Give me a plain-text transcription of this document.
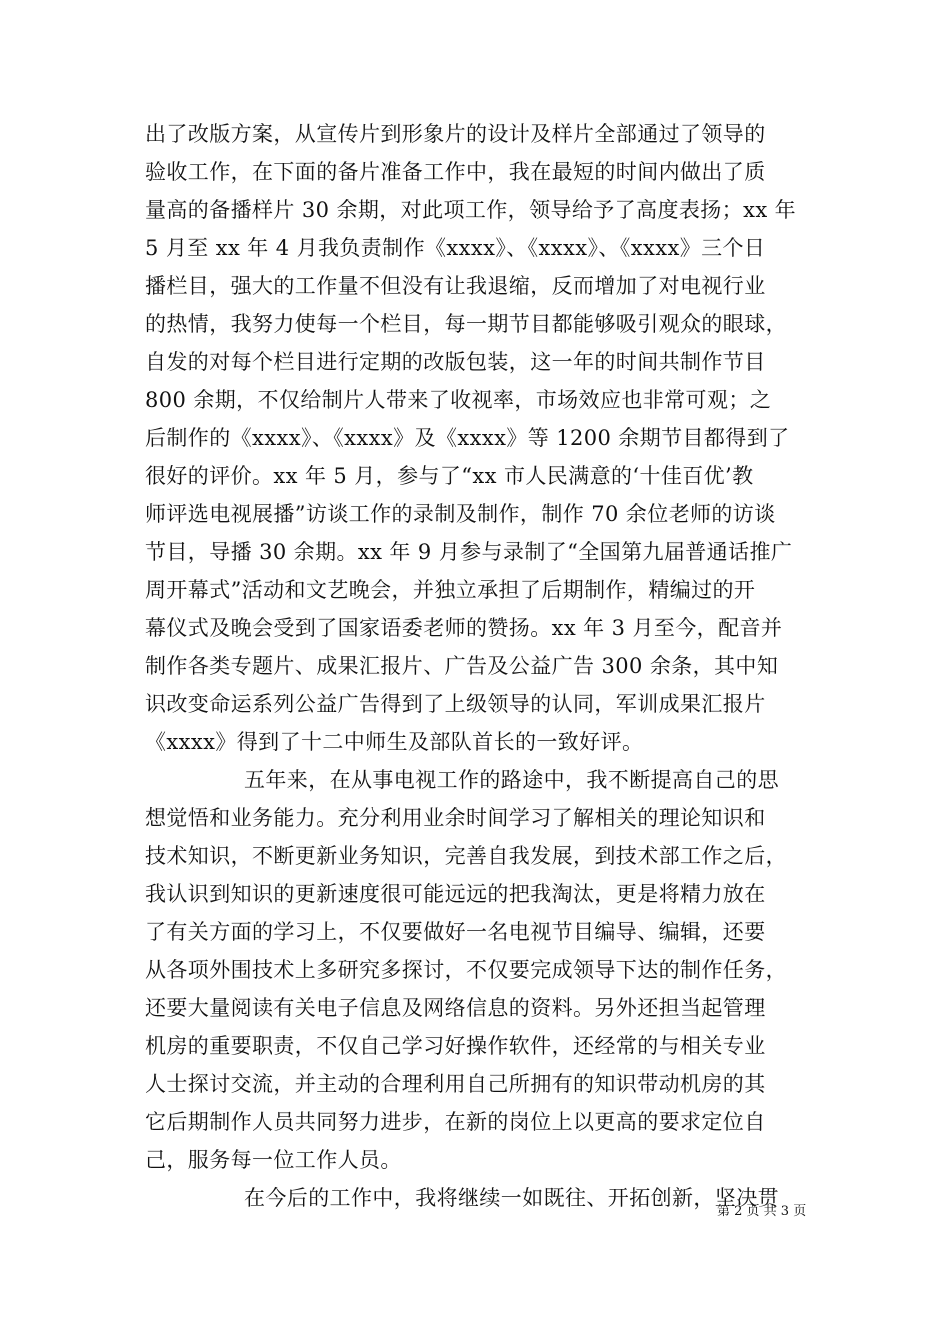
出了改版方案，从宣传片到形象片的设计及样片全部通过了领导的
验收工作，在下面的备片准备工作中，我在最短的时间内做出了质
量高的备播样片 30 余期，对此项工作，领导给予了高度表扬；xx 年
5 月至 xx 年 4 月我负责制作《xxxx》、《xxxx》、《xxxx》三个日
播栏目，强大的工作量不但没有让我退缩，反而增加了对电视行业
的热情，我努力使每一个栏目，每一期节目都能够吸引观众的眼球，
自发的对每个栏目进行定期的改版包装，这一年的时间共制作节目
800 余期，不仅给制片人带来了收视率，市场效应也非常可观；之
后制作的《xxxx》、《xxxx》及《xxxx》等 1200 余期节目都得到了
很好的评价。xx 年 5 月，参与了“xx 市人民满意的‘十佳百优’教
师评选电视展播”访谈工作的录制及制作，制作 70 余位老师的访谈
节目，导播 30 余期。xx 年 9 月参与录制了“全国第九届普通话推广
周开幕式”活动和文艺晚会，并独立承担了后期制作，精编过的开
幕仪式及晚会受到了国家语委老师的赞扬。xx 年 3 月至今，配音并
制作各类专题片、成果汇报片、广告及公益广告 300 余条，其中知
识改变命运系列公益广告得到了上级领导的认同，军训成果汇报片
《xxxx》得到了十二中师生及部队首长的一致好评。
五年来，在从事电视工作的路途中，我不断提高自己的思
想觉悟和业务能力。充分利用业余时间学习了解相关的理论知识和
技术知识，不断更新业务知识，完善自我发展，到技术部工作之后，
我认识到知识的更新速度很可能远远的把我淘汰，更是将精力放在
了有关方面的学习上，不仅要做好一名电视节目编导、编辑，还要
从各项外围技术上多研究多探讨，不仅要完成领导下达的制作任务，
还要大量阅读有关电子信息及网络信息的资料。另外还担当起管理
机房的重要职责，不仅自己学习好操作软件，还经常的与相关专业
人士探讨交流，并主动的合理利用自己所拥有的知识带动机房的其
它后期制作人员共同努力进步，在新的岗位上以更高的要求定位自
己，服务每一位工作人员。
在今后的工作中，我将继续一如既往、开拓创新，坚决贯
第 2 页 共 3 页
